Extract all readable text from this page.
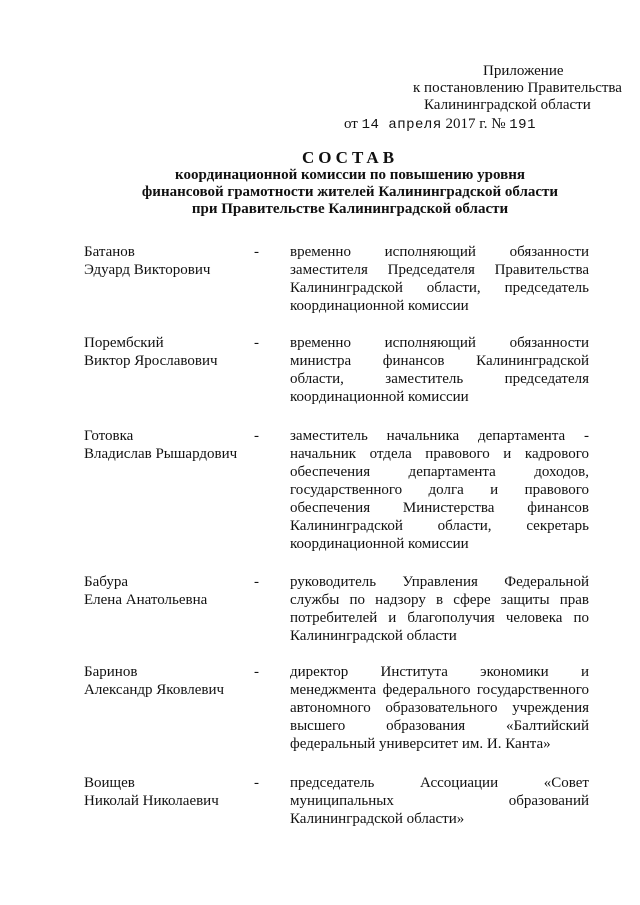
Приложение
к постановлению Правительства
Калининградской области
от 14 апреля 2017 г. № 191
СОСТАВ
координационной комиссии по повышению уровня
финансовой грамотности жителей Калининградской области
при Правительстве Калининградской области
Батанов
Эдуард Викторович
- временно исполняющий обязанности заместителя Председателя Правительства Калининградской области, председатель координационной комиссии
Порембский
Виктор Ярославович
- временно исполняющий обязанности министра финансов Калининградской области, заместитель председателя координационной комиссии
Готовка
Владислав Рышардович
- заместитель начальника департамента - начальник отдела правового и кадрового обеспечения департамента доходов, государственного долга и правового обеспечения Министерства финансов Калининградской области, секретарь координационной комиссии
Бабура
Елена Анатольевна
- руководитель Управления Федеральной службы по надзору в сфере защиты прав потребителей и благополучия человека по Калининградской области
Баринов
Александр Яковлевич
- директор Института экономики и менеджмента федерального государственного автономного образовательного учреждения высшего образования «Балтийский федеральный университет им. И. Канта»
Воищев
Николай Николаевич
- председатель Ассоциации «Совет муниципальных образований Калининградской области»
